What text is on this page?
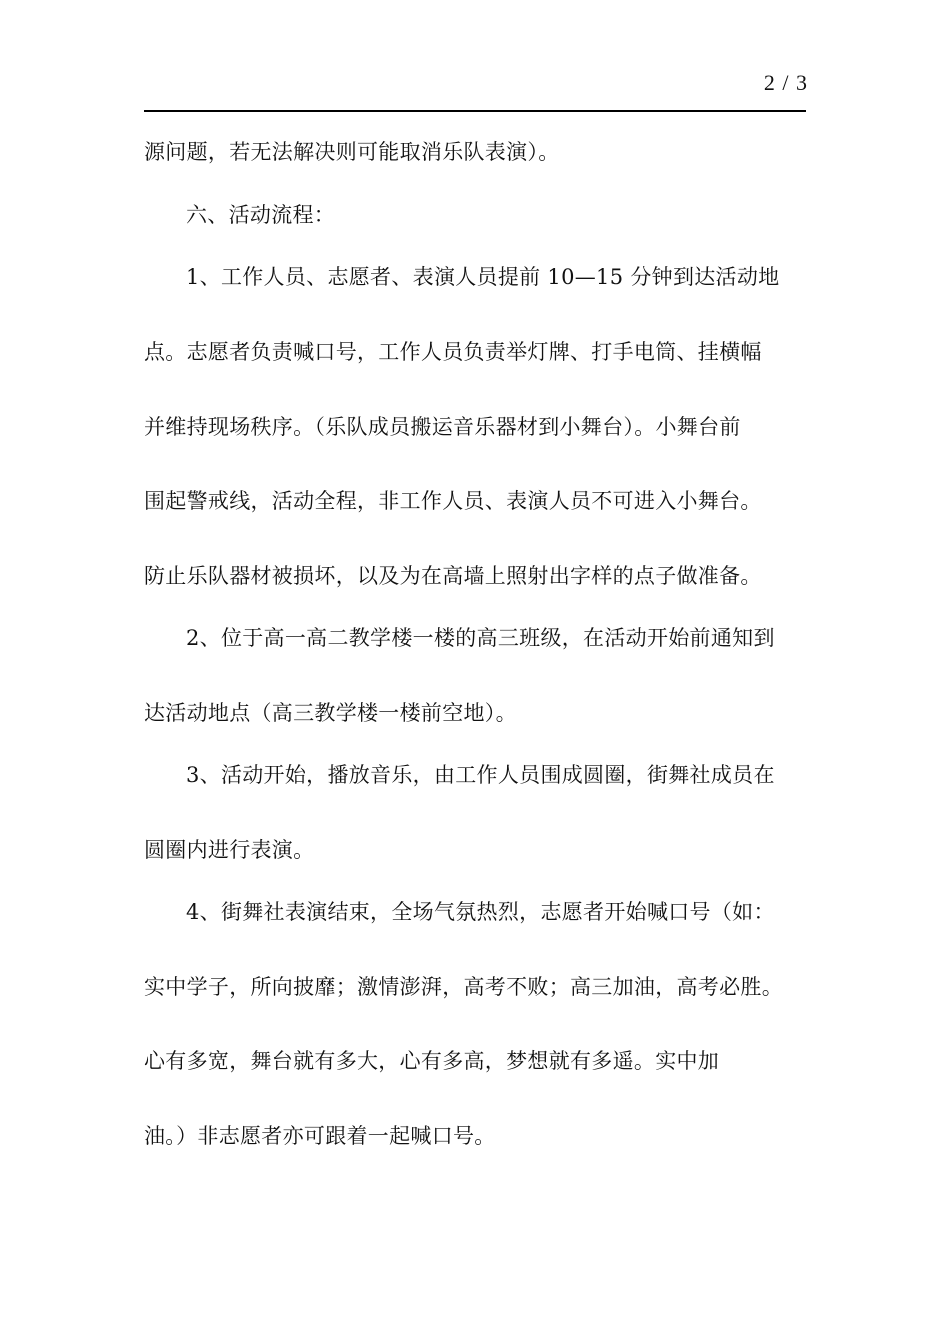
2 / 3
源问题，若无法解决则可能取消乐队表演）。
六、活动流程：
1、工作人员、志愿者、表演人员提前 10—15 分钟到达活动地
点。志愿者负责喊口号，工作人员负责举灯牌、打手电筒、挂横幅
并维持现场秩序。（乐队成员搬运音乐器材到小舞台）。小舞台前
围起警戒线，活动全程，非工作人员、表演人员不可进入小舞台。
防止乐队器材被损坏，以及为在高墙上照射出字样的点子做准备。
2、位于高一高二教学楼一楼的高三班级，在活动开始前通知到
达活动地点（高三教学楼一楼前空地）。
3、活动开始，播放音乐，由工作人员围成圆圈，街舞社成员在
圆圈内进行表演。
4、街舞社表演结束，全场气氛热烈，志愿者开始喊口号（如：
实中学子，所向披靡；激情澎湃，高考不败；高三加油，高考必胜。
心有多宽，舞台就有多大，心有多高，梦想就有多遥。实中加
油。）非志愿者亦可跟着一起喊口号。
